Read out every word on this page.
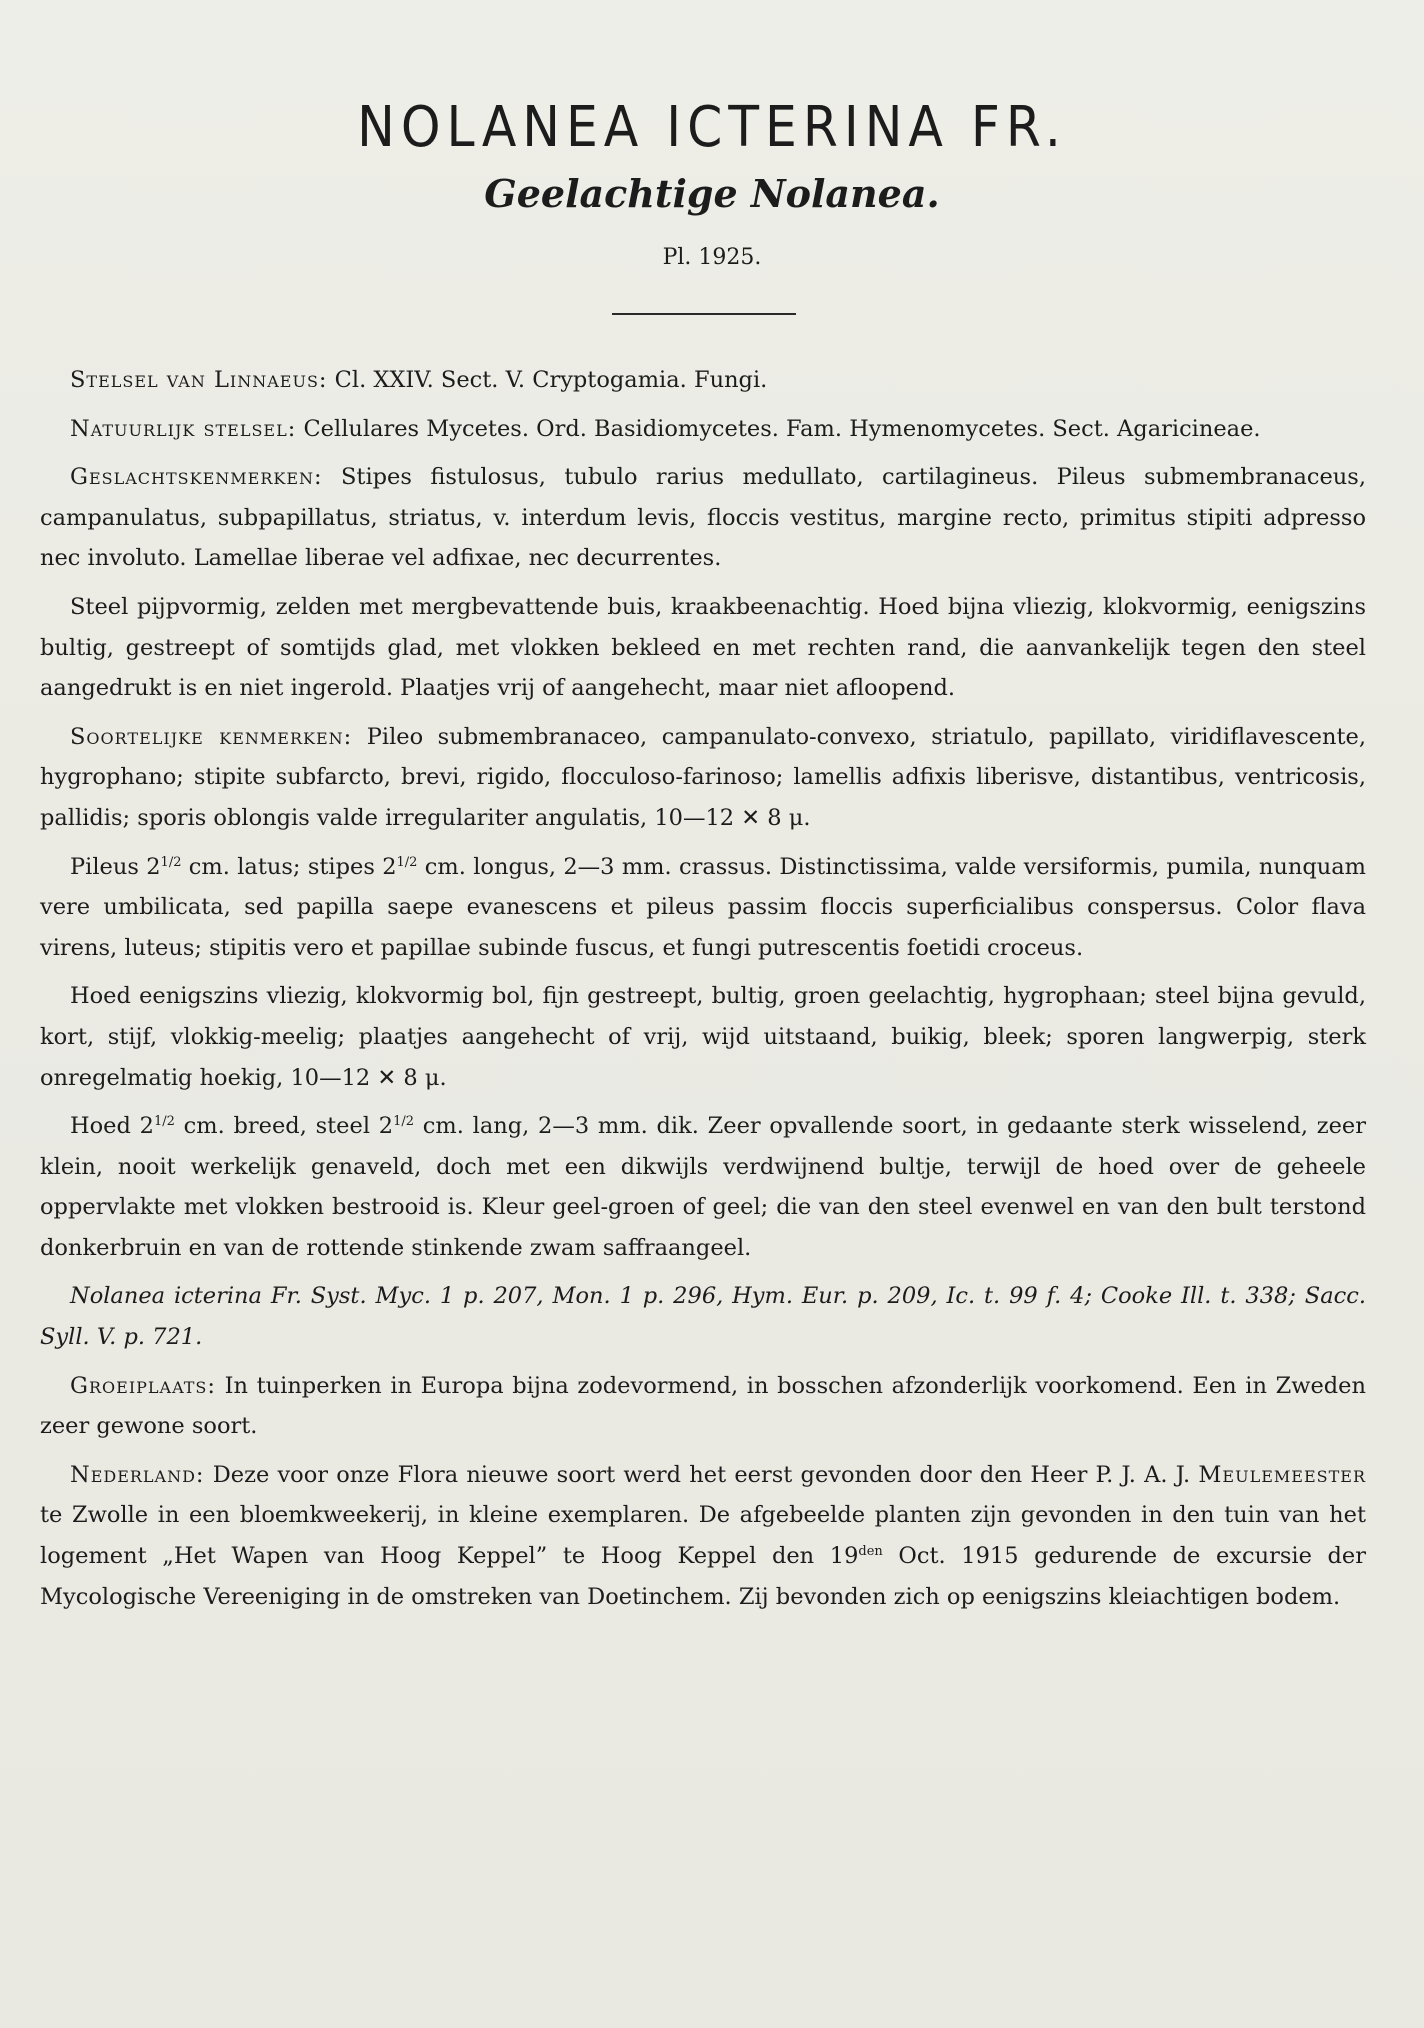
NOLANEA ICTERINA FR.
Geelachtige Nolanea.
Pl. 1925.

Stelsel van Linnaeus: Cl. XXIV. Sect. V. Cryptogamia. Fungi.

Natuurlijk stelsel: Cellulares Mycetes. Ord. Basidiomycetes. Fam. Hymenomycetes. Sect. Agaricineae.

Geslachtskenmerken: Stipes fistulosus, tubulo rarius medullato, cartilagineus. Pileus submembranaceus, campanulatus, subpapillatus, striatus, v. interdum levis, floccis vestitus, margine recto, primitus stipiti adpresso nec involuto. Lamellae liberae vel adfixae, nec decurrentes.

Steel pijpvormig, zelden met mergbevattende buis, kraakbeenachtig. Hoed bijna vliezig, klokvormig, eenigszins bultig, gestreept of somtijds glad, met vlokken bekleed en met rechten rand, die aanvankelijk tegen den steel aangedrukt is en niet ingerold. Plaatjes vrij of aangehecht, maar niet afloopend.

Soortelijke kenmerken: Pileo submembranaceo, campanulato-convexo, striatulo, papillato, viridiflavescente, hygrophano; stipite subfarcto, brevi, rigido, flocculoso-farinoso; lamellis adfixis liberisve, distantibus, ventricosis, pallidis; sporis oblongis valde irregulariter angulatis, 10—12 ✕ 8 μ.

Pileus $2^{1/2}$ cm. latus; stipes $2^{1/2}$ cm. longus, 2—3 mm. crassus. Distinctissima, valde versiformis, pumila, nunquam vere umbilicata, sed papilla saepe evanescens et pileus passim floccis superficialibus conspersus. Color flava virens, luteus; stipitis vero et papillae subinde fuscus, et fungi putrescentis foetidi croceus.

Hoed eenigszins vliezig, klokvormig bol, fijn gestreept, bultig, groen geelachtig, hygrophaan; steel bijna gevuld, kort, stijf, vlokkig-meelig; plaatjes aangehecht of vrij, wijd uitstaand, buikig, bleek; sporen langwerpig, sterk onregelmatig hoekig, 10—12 ✕ 8 μ.

Hoed $2^{1/2}$ cm. breed, steel $2^{1/2}$ cm. lang, 2—3 mm. dik. Zeer opvallende soort, in gedaante sterk wisselend, zeer klein, nooit werkelijk genaveld, doch met een dikwijls verdwijnend bultje, terwijl de hoed over de geheele oppervlakte met vlokken bestrooid is. Kleur geel-groen of geel; die van den steel evenwel en van den bult terstond donkerbruin en van de rottende stinkende zwam saffraangeel.

Nolanea icterina Fr. Syst. Myc. 1 p. 207, Mon. 1 p. 296, Hym. Eur. p. 209, Ic. t. 99 f. 4; Cooke Ill. t. 338; Sacc. Syll. V. p. 721.

Groeiplaats: In tuinperken in Europa bijna zodevormend, in bosschen afzonderlijk voorkomend. Een in Zweden zeer gewone soort.

Nederland: Deze voor onze Flora nieuwe soort werd het eerst gevonden door den Heer P. J. A. J. Meulemeester te Zwolle in een bloemkweekerij, in kleine exemplaren. De afgebeelde planten zijn gevonden in den tuin van het logement „Het Wapen van Hoog Keppel” te Hoog Keppel den $19^{den}$ Oct. 1915 gedurende de excursie der Mycologische Vereeniging in de omstreken van Doetinchem. Zij bevonden zich op eenigszins kleiachtigen bodem.
